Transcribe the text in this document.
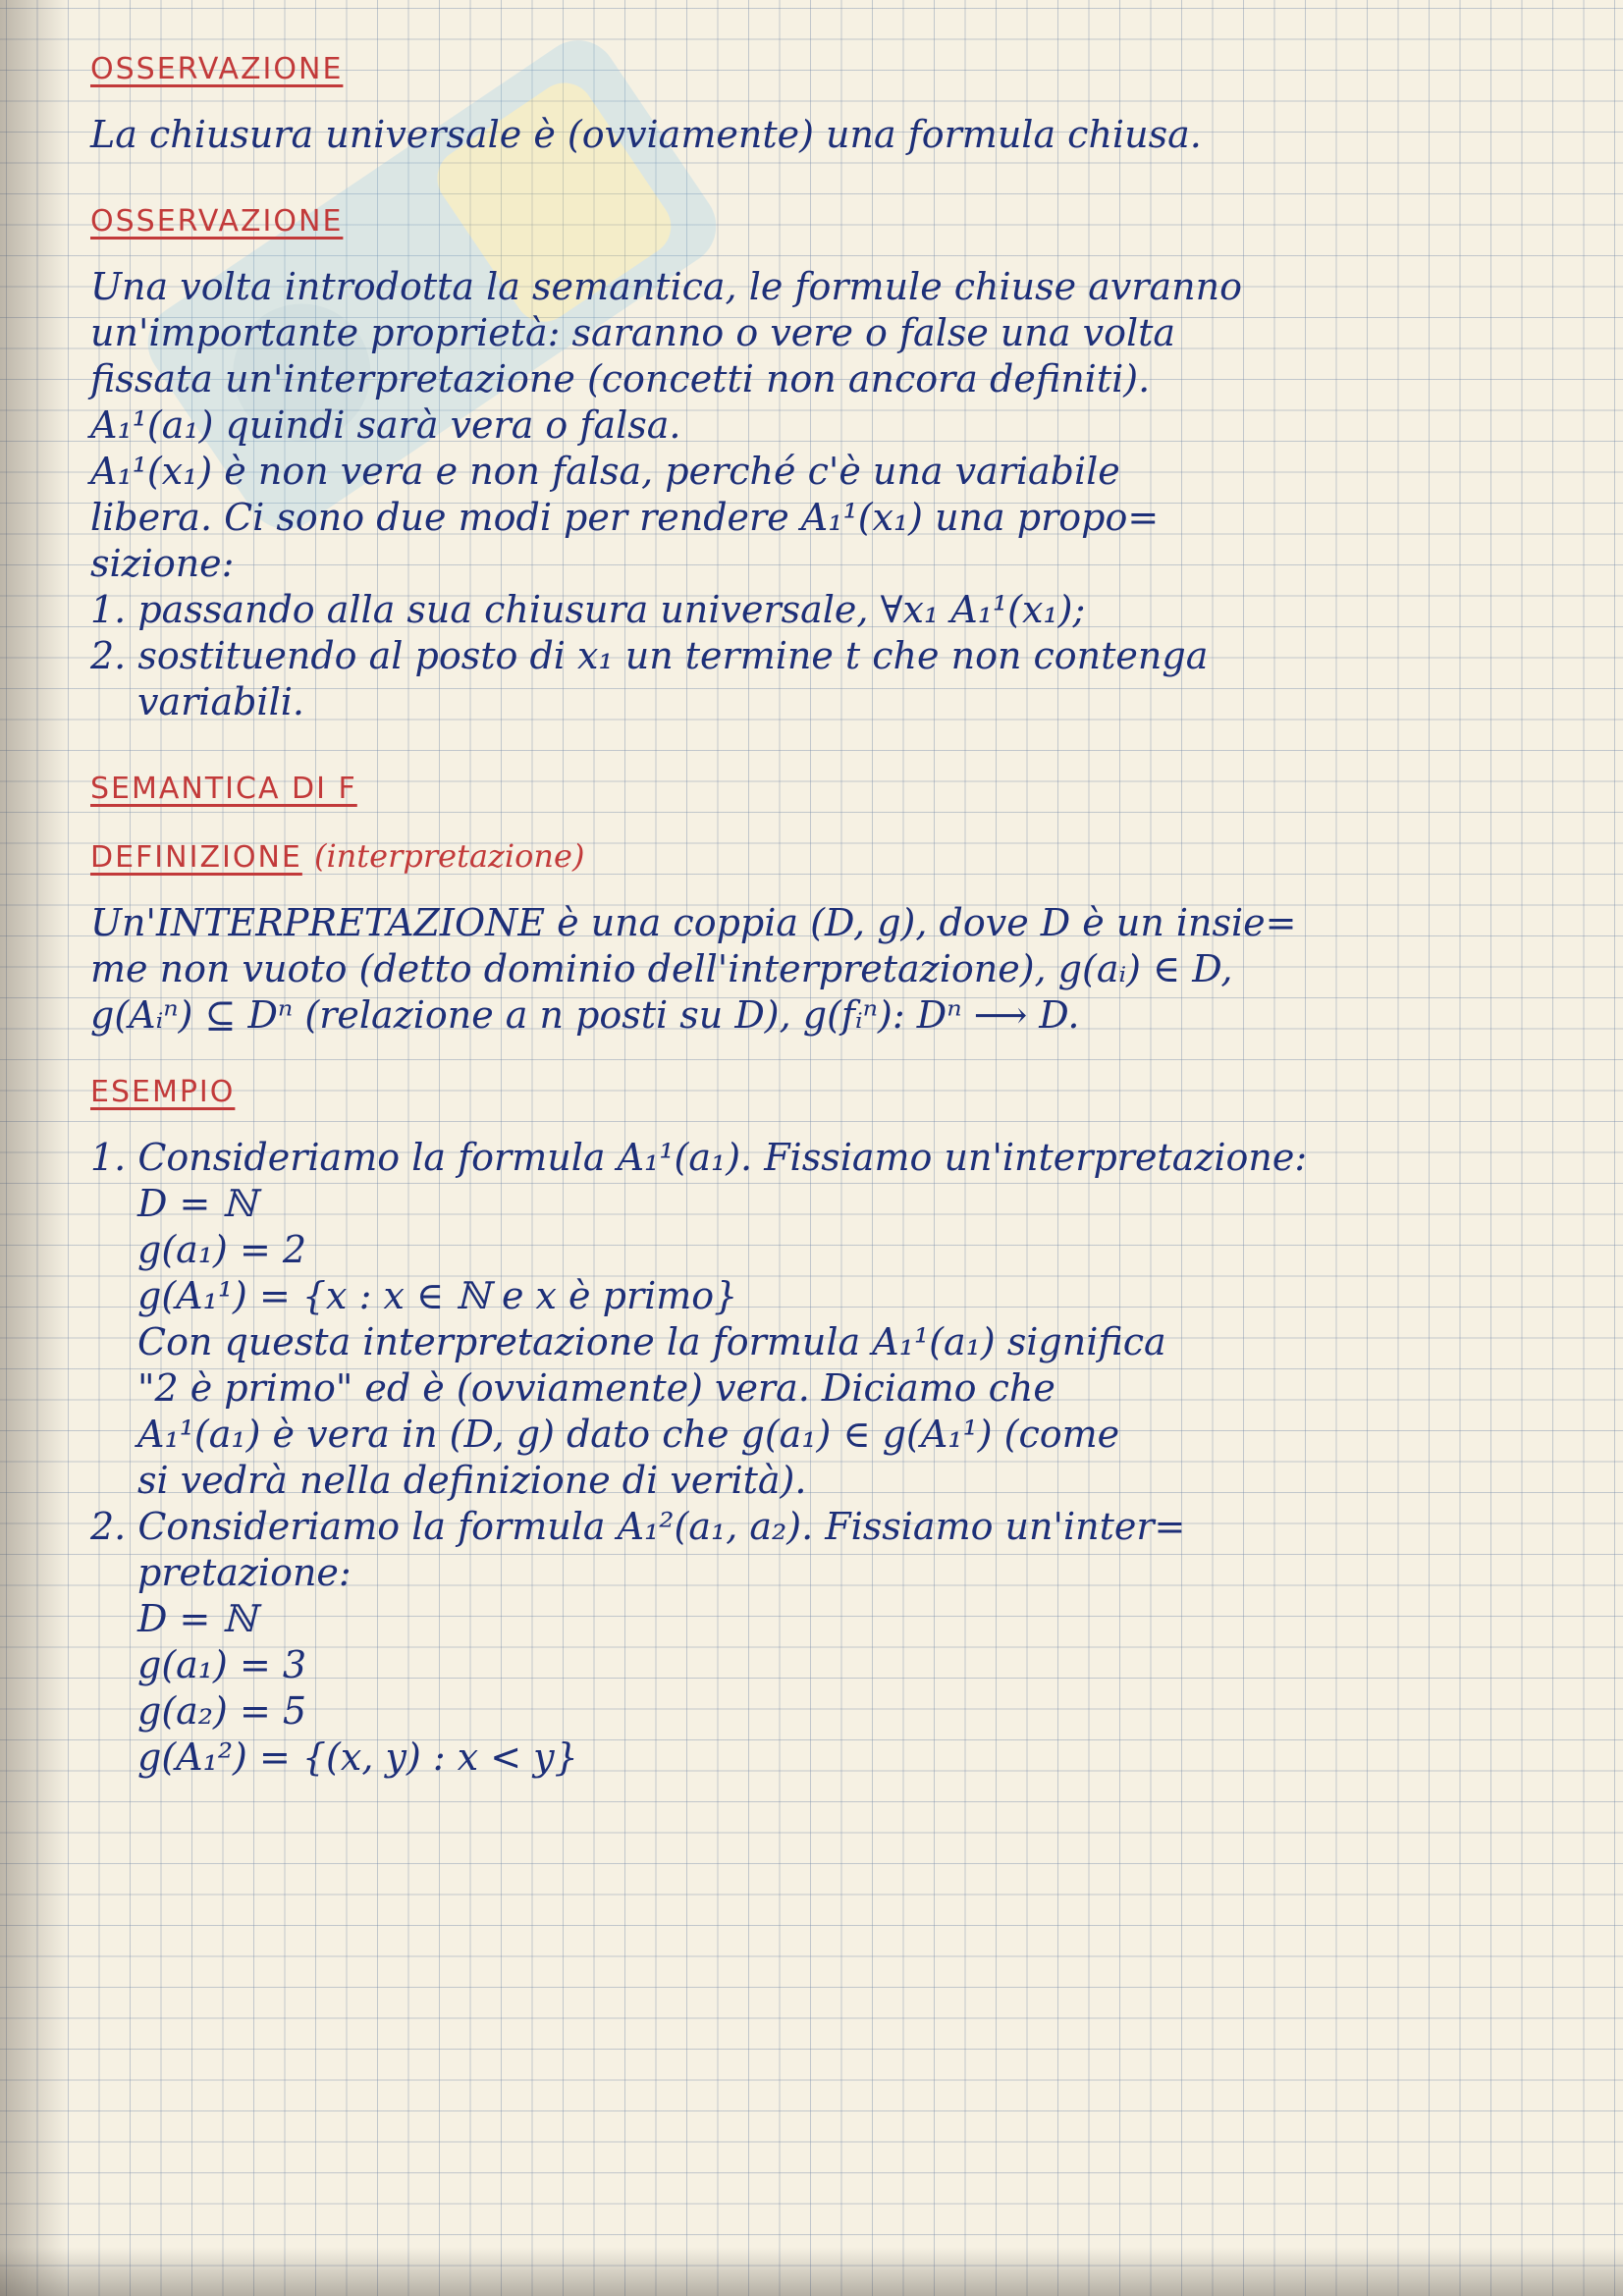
OSSERVAZIONE
La chiusura universale è (ovviamente) una formula chiusa.
OSSERVAZIONE
Una volta introdotta la semantica, le formule chiuse avranno
un'importante proprietà: saranno o vere o false una volta
fissata un'interpretazione (concetti non ancora definiti).
A₁¹(a₁) quindi sarà vera o falsa.
A₁¹(x₁) è non vera e non falsa, perché c'è una variabile
libera. Ci sono due modi per rendere A₁¹(x₁) una propo=
sizione:
1. passando alla sua chiusura universale, ∀x₁ A₁¹(x₁);
2. sostituendo al posto di x₁ un termine t che non contenga
variabili.
SEMANTICA DI F
DEFINIZIONE (interpretazione)
Un'INTERPRETAZIONE è una coppia (D, g), dove D è un insie=
me non vuoto (detto dominio dell'interpretazione), g(aᵢ) ∈ D,
g(Aᵢⁿ) ⊆ Dⁿ (relazione a n posti su D), g(fᵢⁿ): Dⁿ ⟶ D.
ESEMPIO
1. Consideriamo la formula A₁¹(a₁). Fissiamo un'interpretazione:
D = ℕ
g(a₁) = 2
g(A₁¹) = {x : x ∈ ℕ e x è primo}
Con questa interpretazione la formula A₁¹(a₁) significa
"2 è primo" ed è (ovviamente) vera. Diciamo che
A₁¹(a₁) è vera in (D, g) dato che g(a₁) ∈ g(A₁¹) (come
si vedrà nella definizione di verità).
2. Consideriamo la formula A₁²(a₁, a₂). Fissiamo un'inter=
pretazione:
D = ℕ
g(a₁) = 3
g(a₂) = 5
g(A₁²) = {(x, y) : x < y}
